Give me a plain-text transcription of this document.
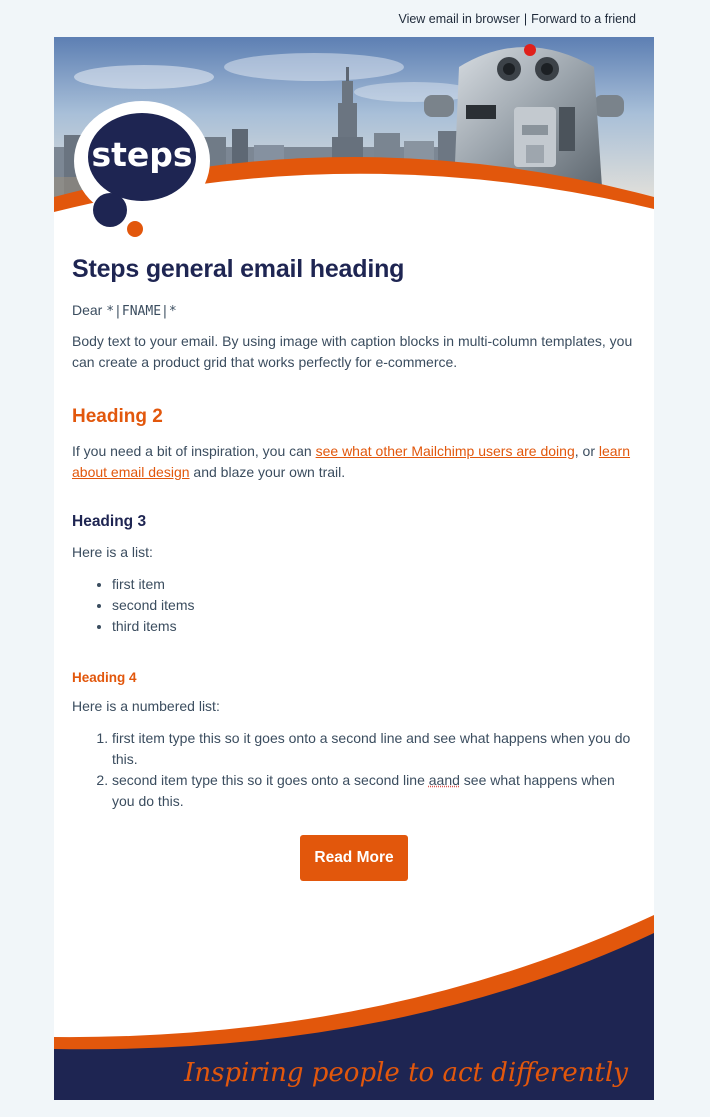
View email in browser | Forward to a friend
steps
Steps general email heading
Dear *|FNAME|*

Body text to your email. By using image with caption blocks in multi-column templates, you can create a product grid that works perfectly for e-commerce.

Heading 2

If you need a bit of inspiration, you can see what other Mailchimp users are doing, or learn about email design and blaze your own trail.

Heading 3

Here is a list:

• first item
• second items
• third items
Heading 4

Here is a numbered list:

1. first item type this so it goes onto a second line and see what happens when you do this.
2. second item type this so it goes onto a second line aand see what happens when you do this.
Read More
Inspiring people to act differently
